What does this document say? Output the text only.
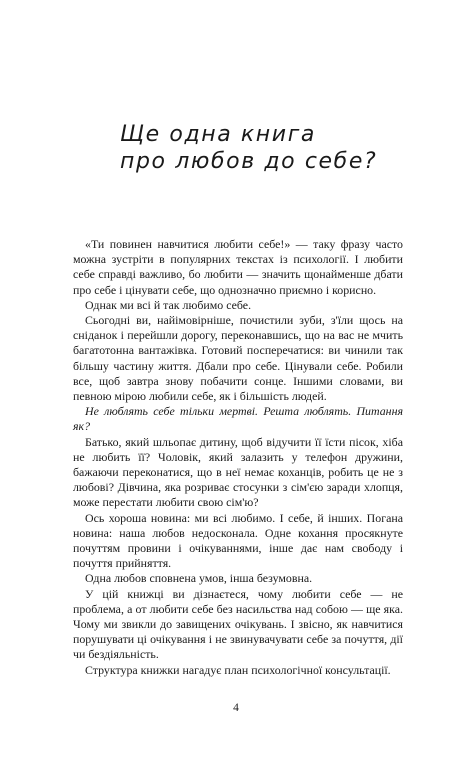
Ще одна книга
про любов до себе?

«Ти повинен навчитися любити себе!» — таку фразу часто можна зустріти в популярних текстах із психології. І любити себе справді важливо, бо любити — значить щонайменше дбати про себе і цінувати себе, що однозначно приємно і корисно.

Однак ми всі й так любимо себе.

Сьогодні ви, найімовірніше, почистили зуби, з'їли щось на сніданок і перейшли дорогу, переконавшись, що на вас не мчить багатотонна вантажівка. Готовий посперечатися: ви чинили так більшу частину життя. Дбали про себе. Цінували себе. Робили все, щоб завтра знову побачити сонце. Іншими словами, ви певною мірою любили себе, як і більшість людей.

Не люблять себе тільки мертві. Решта люблять. Питання як?

Батько, який шльопає дитину, щоб відучити її їсти пісок, хіба не любить її? Чоловік, який залазить у телефон дружини, бажаючи переконатися, що в неї немає коханців, робить це не з любові? Дівчина, яка розриває стосунки з сім'єю заради хлопця, може перестати любити свою сім'ю?

Ось хороша новина: ми всі любимо. І себе, й інших. Погана новина: наша любов недосконала. Одне кохання просякнуте почуттям провини і очікуваннями, інше дає нам свободу і почуття прийняття.

Одна любов сповнена умов, інша безумовна.

У цій книжці ви дізнаєтеся, чому любити себе — не проблема, а от любити себе без насильства над собою — ще яка. Чому ми звикли до завищених очікувань. І звісно, як навчитися порушувати ці очікування і не звинувачувати себе за почуття, дії чи бездіяльність.

Структура книжки нагадує план психологічної консультації.

4
